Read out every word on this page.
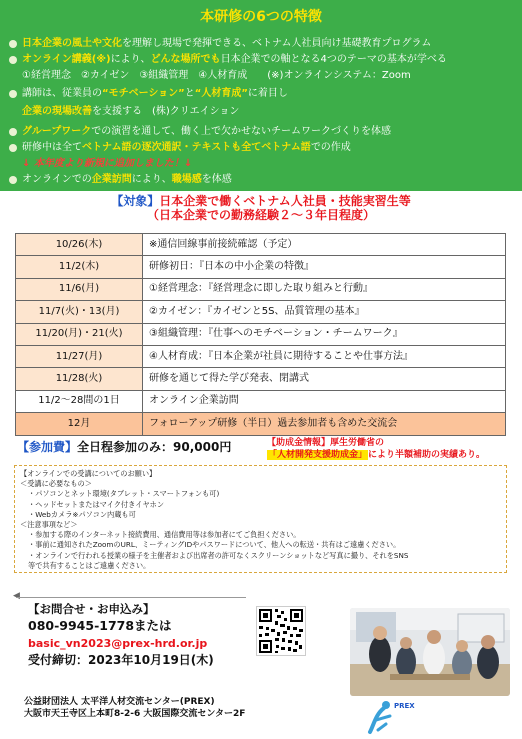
本研修の6つの特徴
日本企業の風土や文化を理解し現場で発揮できる、ベトナム人社員向け基礎教育プログラム
オンライン講義(※)により、どんな場所でも日本企業での軸となる4つのテーマの基本が学べる
①経営理念　②カイゼン　③組織管理　④人材育成　　(※)オンラインシステム：Zoom
講師は、従業員の“モチベーション”と“人材育成”に着目し
企業の現場改善を支援する　(株)クリエイション
グループワークでの演習を通して、働く上で欠かせないチームワークづくりを体感
研修中は全てベトナム語の逐次通訳・テキストも全てベトナム語での作成
↓ 本年度より新規に追加しました！↓
オンラインでの企業訪問により、職場感を体感
【対象】日本企業で働くベトナム人社員・技能実習生等
（日本企業での勤務経験２～３年目程度）
10/26(木)	※通信回線事前接続確認（予定）
11/2(木)	研修初日：『日本の中小企業の特徴』
11/6(月)	①経営理念：『経営理念に即した取り組みと行動』
11/7(火)・13(月)	②カイゼン：『カイゼンと5S、品質管理の基本』
11/20(月)・21(火)	③組織管理：『仕事へのモチベーション・チームワーク』
11/27(月)	④人材育成：『日本企業が社員に期待することや仕事方法』
11/28(火)	研修を通じて得た学び発表、閉講式
11/2～28間の1日	オンライン企業訪問
12月	フォローアップ研修（半日）過去参加者も含めた交流会
【参加費】全日程参加のみ：90,000円	【助成金情報】厚生労働省の
「人材開発支援助成金」により半額補助の実績あり。

【オンラインでの受講についてのお願い】

＜受講に必要なもの＞

・パソコンとネット環境(タブレット・スマートフォンも可)

・ヘッドセットまたはマイク付きイヤホン

・Webカメラ※パソコン内蔵も可

＜注意事項など＞

・参加する際のインターネット接続費用、通信費用等は参加者にてご負担ください。

・事前に通知されたZoomのURL、ミーティングIDやパスワードについて、他人への転送・共有はご遠慮ください。

・オンラインで行われる授業の様子を主催者および出席者の許可なくスクリーンショットなど写真に撮り、それをSNS

等で共有することはご遠慮ください。

◀
【お問合せ・お申込み】
080-9945-1778または
basic_vn2023@prex-hrd.or.jp
受付締切：2023年10月19日(木)
公益財団法人 太平洋人材交流センター(PREX)
大阪市天王寺区上本町8-2-6 大阪国際交流センター2F
PREX
